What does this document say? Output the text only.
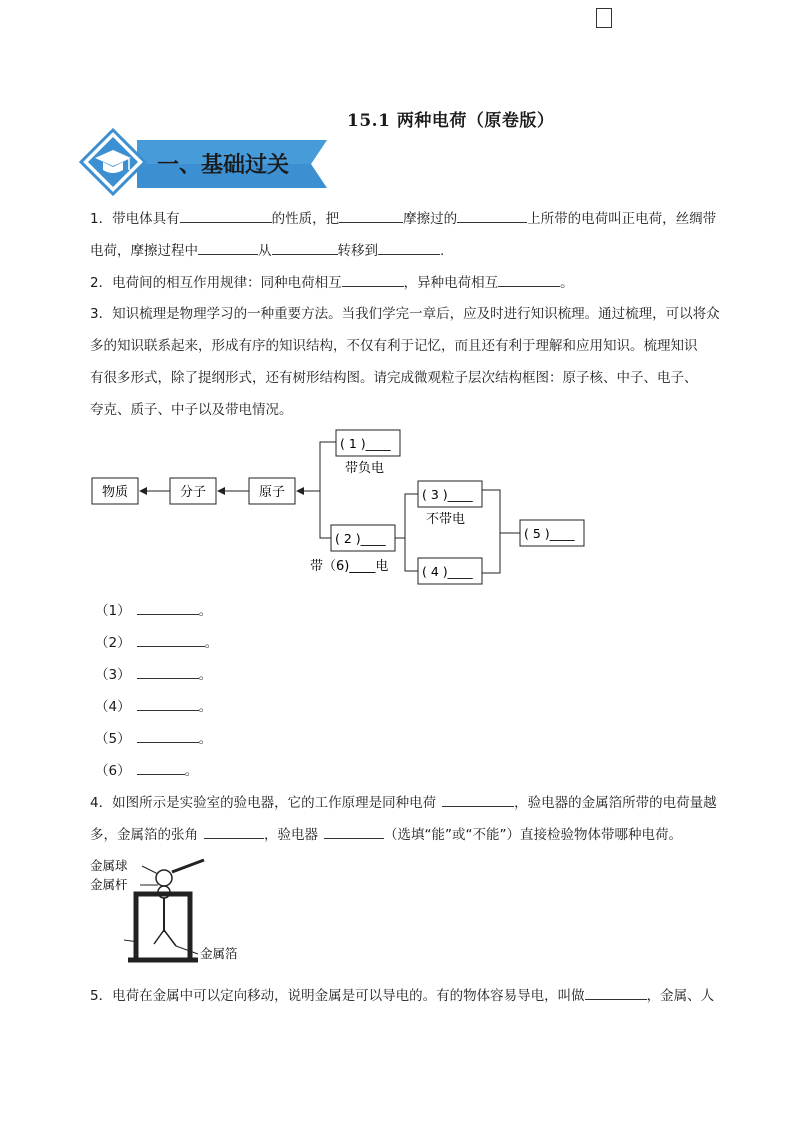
15.1 两种电荷（原卷版）
一、基础过关
1．带电体具有	的性质，把	摩擦过的	上所带的电荷叫正电荷，丝绸带
电荷，摩擦过程中	从	转移到	.
2．电荷间的相互作用规律：同种电荷相互	，异种电荷相互	。
3．知识梳理是物理学习的一种重要方法。当我们学完一章后，应及时进行知识梳理。通过梳理，可以将众
多的知识联系起来，形成有序的知识结构，不仅有利于记忆，而且还有利于理解和应用知识。梳理知识
有很多形式，除了提纲形式，还有树形结构图。请完成微观粒子层次结构框图：原子核、中子、电子、
夸克、质子、中子以及带电情况。
物质	分子	原子
( 1 )____
带负电
( 2 )____
带（6)____电
( 3 )____
不带电
( 4 )____
( 5 )____
（1）	。
（2）	。
（3）	。
（4）	。
（5）	。
（6）	。
4．如图所示是实验室的验电器，它的工作原理是同种电荷	，验电器的金属箔所带的电荷量越
多，金属箔的张角	，验电器	（选填“能”或“不能”）直接检验物体带哪种电荷。
金属球
金属杆
金属箔
5．电荷在金属中可以定向移动，说明金属是可以导电的。有的物体容易导电，叫做	，金属、人
